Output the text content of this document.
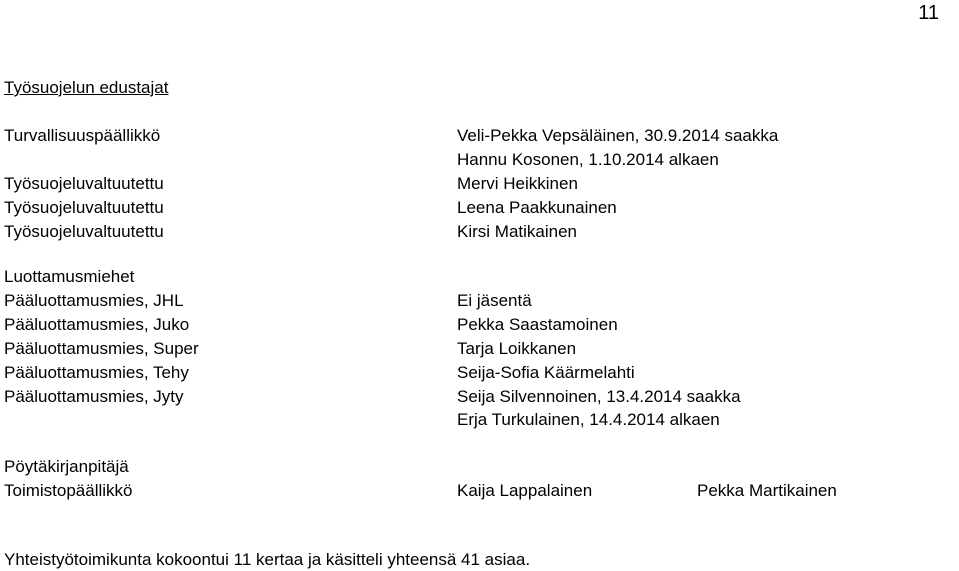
11
Työsuojelun edustajat
Turvallisuuspäällikkö	Veli-Pekka Vepsäläinen, 30.9.2014 saakka
Hannu Kosonen, 1.10.2014 alkaen
Työsuojeluvaltuutettu	Mervi Heikkinen
Työsuojeluvaltuutettu	Leena Paakkunainen
Työsuojeluvaltuutettu	Kirsi Matikainen
Luottamusmiehet
Pääluottamusmies, JHL	Ei jäsentä
Pääluottamusmies, Juko	Pekka Saastamoinen
Pääluottamusmies, Super	Tarja Loikkanen
Pääluottamusmies, Tehy	Seija-Sofia Käärmelahti
Pääluottamusmies, Jyty	Seija Silvennoinen, 13.4.2014 saakka
Erja Turkulainen, 14.4.2014 alkaen
Pöytäkirjanpitäjä
Toimistopäällikkö	Kaija Lappalainen	Pekka Martikainen
Yhteistyötoimikunta kokoontui 11 kertaa ja käsitteli yhteensä 41 asiaa.
